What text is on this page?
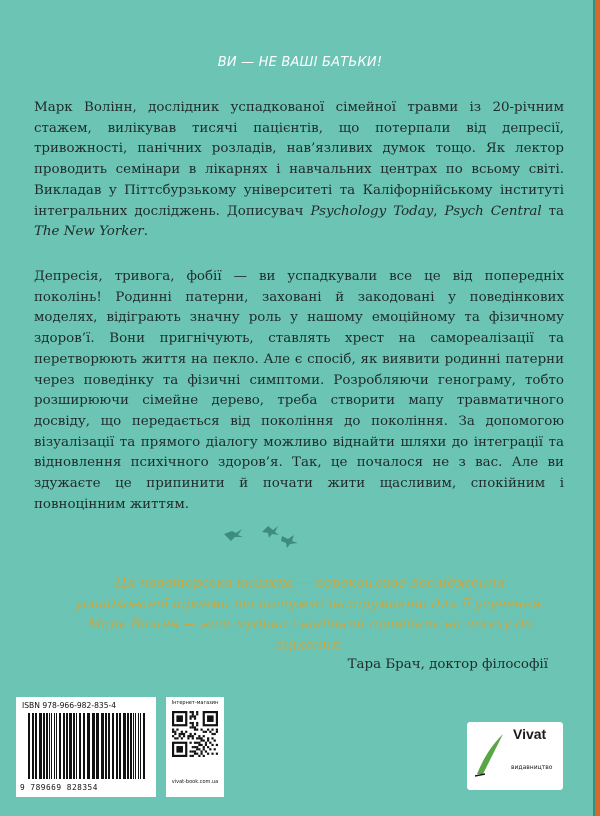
ВИ — НЕ ВАШІ БАТЬКИ!

Марк Волінн, дослідник успадкованої сімейної травми із 20-річним стажем, вилікував тисячі пацієнтів, що потерпали від депресії, тривожності, панічних розладів, нав’язливих думок тощо. Як лектор проводить семінари в лікарнях і навчальних центрах по всьому світі. Викладав у Піттсбурзькому університеті та Каліфорнійському інституті інтегральних досліджень. Дописувач Psychology Today, Psych Central та The New Yorker.

Депресія, тривога, фобії — ви успадкували все це від попередніх поколінь! Родинні патерни, заховані й закодовані у поведінкових моделях, відіграють значну роль у нашому емоційному та фізичному здоров’ї. Вони пригнічують, ставлять хрест на самореалізації та перетворюють життя на пекло. Але є спосіб, як виявити родинні патерни через поведінку та фізичні симптоми. Розробляючи генограму, тобто розширюючи сімейне дерево, треба створити мапу травматичного досвіду, що передається від покоління до покоління. За допомогою візуалізації та прямого діалогу можливо віднайти шляхи до інтеграції та відновлення психічного здоров’я. Так, це почалося не з вас. Але ви здужаєте це припинити й почати жити щасливим, спокійним і повноцінним життям.

Ця новаторська книжка — переконливе дослідження успадкованої травми та потужні інструменти для її усунення. Марк Волінн — наш мудрий і надійний провідник на шляху до зцілення.
Тара Брач, доктор філософії
ISBN 978-966-982-835-4
9 789669 828354
Інтернет-магазин
vivat-book.com.ua
Vivat
видавництво
